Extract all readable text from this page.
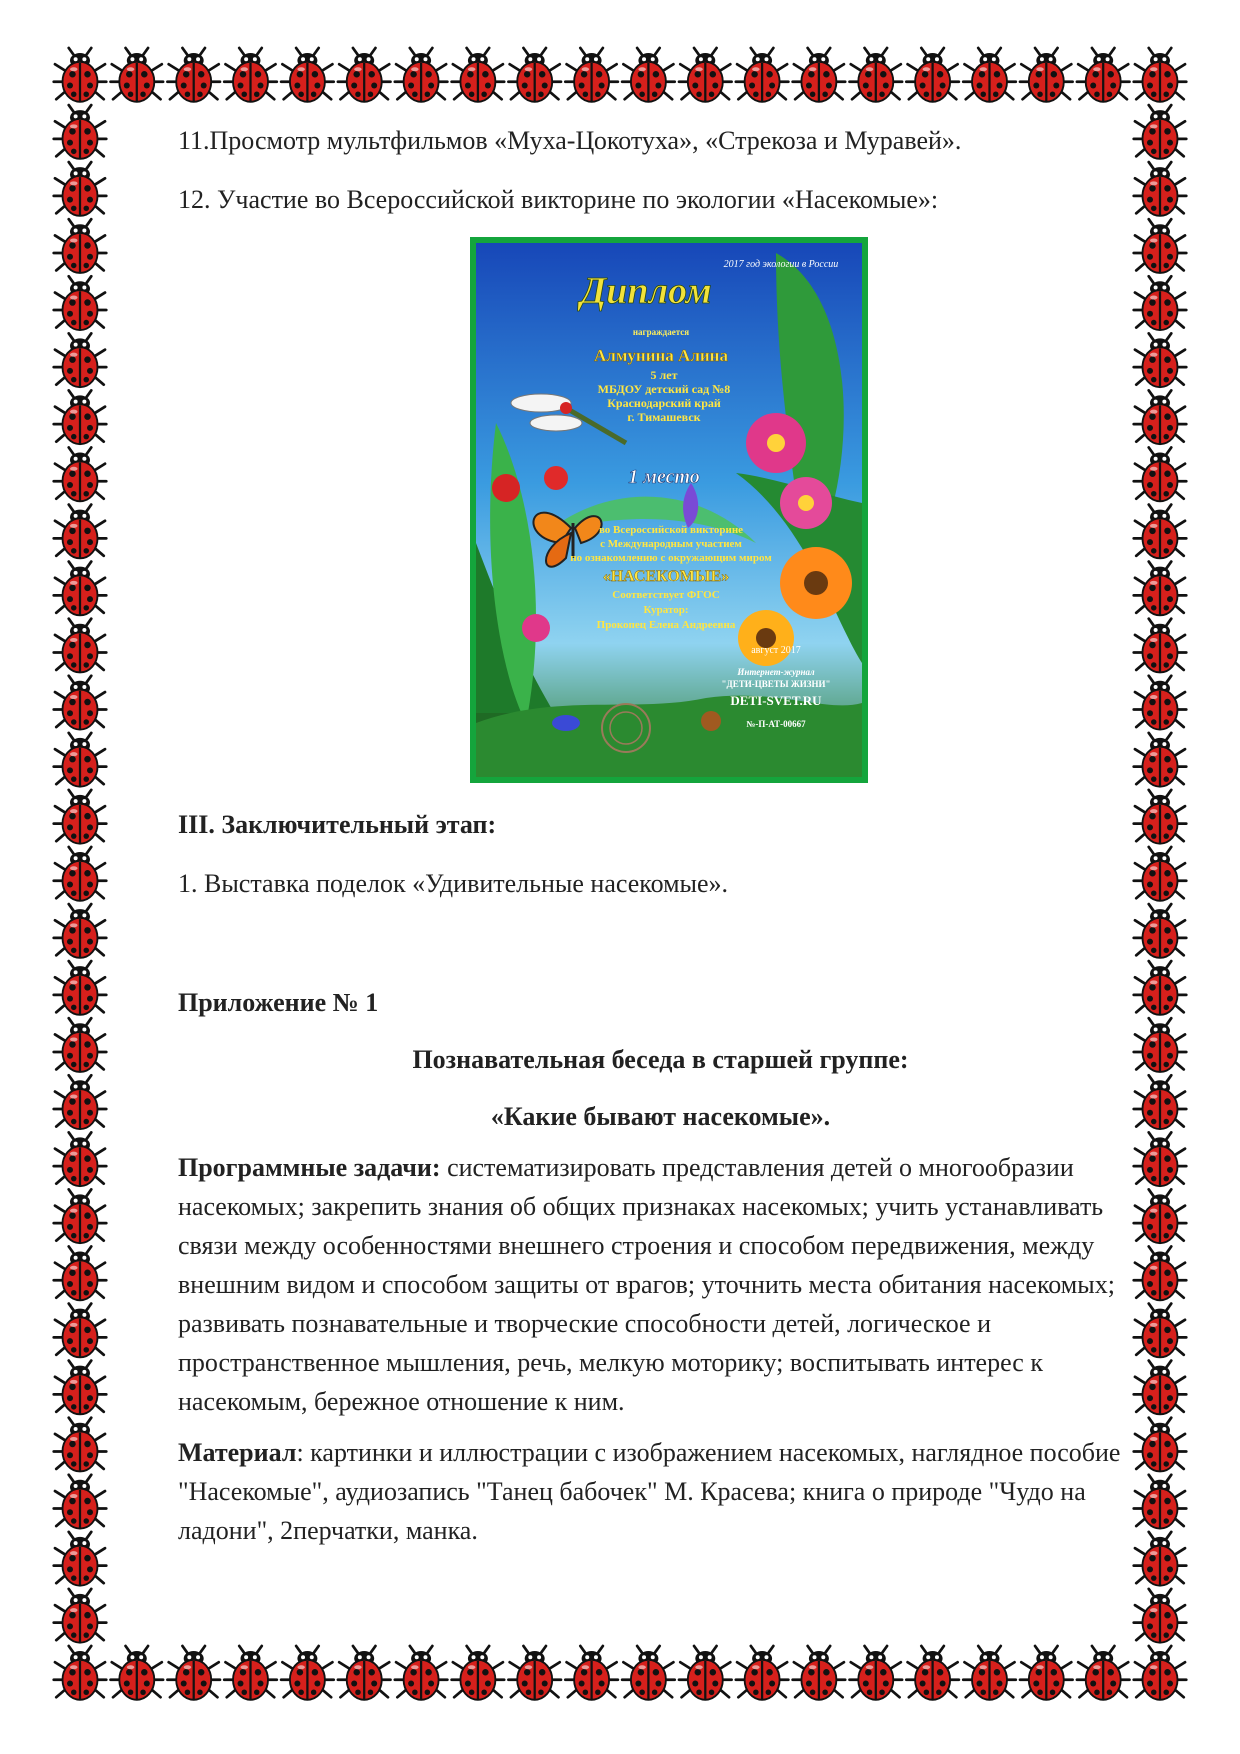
11.Просмотр мультфильмов «Муха-Цокотуха», «Стрекоза и Муравей».

12. Участие во Всероссийской викторине по экологии «Насекомые»:

2017 год экологии в России
Диплом
награждается
Алмунина Алина
5 лет
МБДОУ детский сад №8
Краснодарский край
г. Тимашевск
1 место
во Всероссийской викторине
с Международным участием
по ознакомлению с окружающим миром
«НАСЕКОМЫЕ»
Соответствует ФГОС
Куратор:
Прокопец Елена Андреевна
август 2017
Интернет-журнал
"ДЕТИ-ЦВЕТЫ ЖИЗНИ"
DETI-SVET.RU
№-П-АТ-00667

III. Заключительный этап:

1. Выставка поделок «Удивительные насекомые».

Приложение № 1

Познавательная беседа в старшей группе:

«Какие бывают насекомые».

Программные задачи: систематизировать представления детей о многообразии насекомых; закрепить знания об общих признаках насекомых; учить устанавливать связи между особенностями внешнего строения и способом передвижения, между внешним видом и способом защиты от врагов; уточнить места обитания насекомых; развивать познавательные и творческие способности детей, логическое и пространственное мышления, речь, мелкую моторику; воспитывать интерес к насекомым, бережное отношение к ним.

Материал: картинки и иллюстрации с изображением насекомых, наглядное пособие "Насекомые", аудиозапись "Танец бабочек" М. Красева; книга о природе "Чудо на ладони", 2перчатки, манка.
